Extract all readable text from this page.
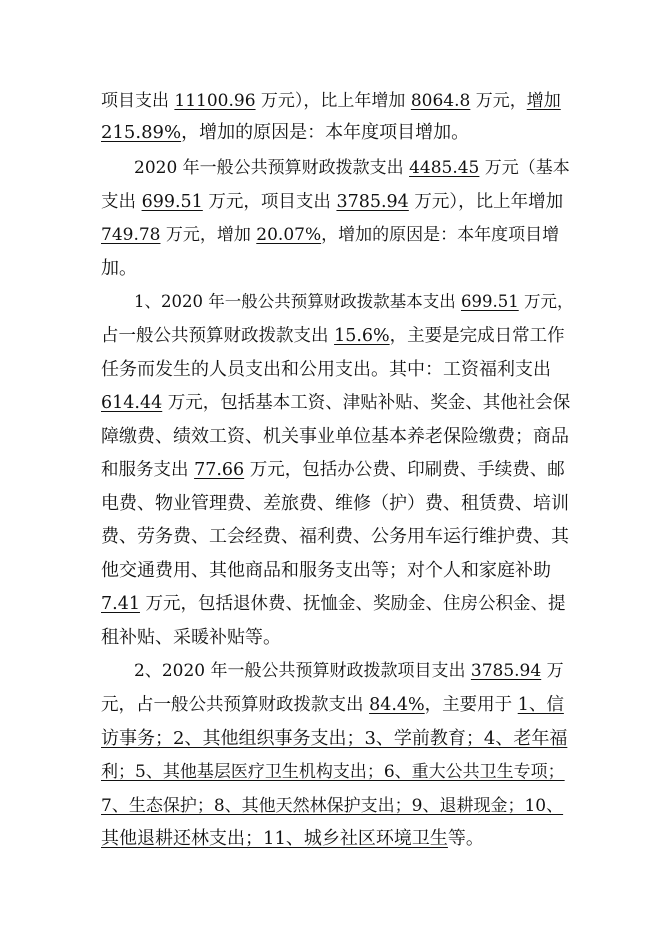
项目支出 11100.96 万元），比上年增加 8064.8 万元，增加
215.89%，增加的原因是：本年度项目增加。
2020 年一般公共预算财政拨款支出 4485.45 万元（基本
支出 699.51 万元，项目支出 3785.94 万元），比上年增加
749.78 万元，增加 20.07%，增加的原因是：本年度项目增
加。
1、2020 年一般公共预算财政拨款基本支出 699.51 万元，
占一般公共预算财政拨款支出 15.6%，主要是完成日常工作
任务而发生的人员支出和公用支出。其中：工资福利支出
614.44 万元，包括基本工资、津贴补贴、奖金、其他社会保
障缴费、绩效工资、机关事业单位基本养老保险缴费；商品
和服务支出 77.66 万元，包括办公费、印刷费、手续费、邮
电费、物业管理费、差旅费、维修（护）费、租赁费、培训
费、劳务费、工会经费、福利费、公务用车运行维护费、其
他交通费用、其他商品和服务支出等；对个人和家庭补助
7.41 万元，包括退休费、抚恤金、奖励金、住房公积金、提
租补贴、采暖补贴等。
2、2020 年一般公共预算财政拨款项目支出 3785.94 万
元，占一般公共预算财政拨款支出 84.4%，主要用于 1、信
访事务；2、其他组织事务支出；3、学前教育；4、老年福
利；5、其他基层医疗卫生机构支出；6、重大公共卫生专项；
7、生态保护；8、其他天然林保护支出；9、退耕现金；10、
其他退耕还林支出；11、城乡社区环境卫生等。
